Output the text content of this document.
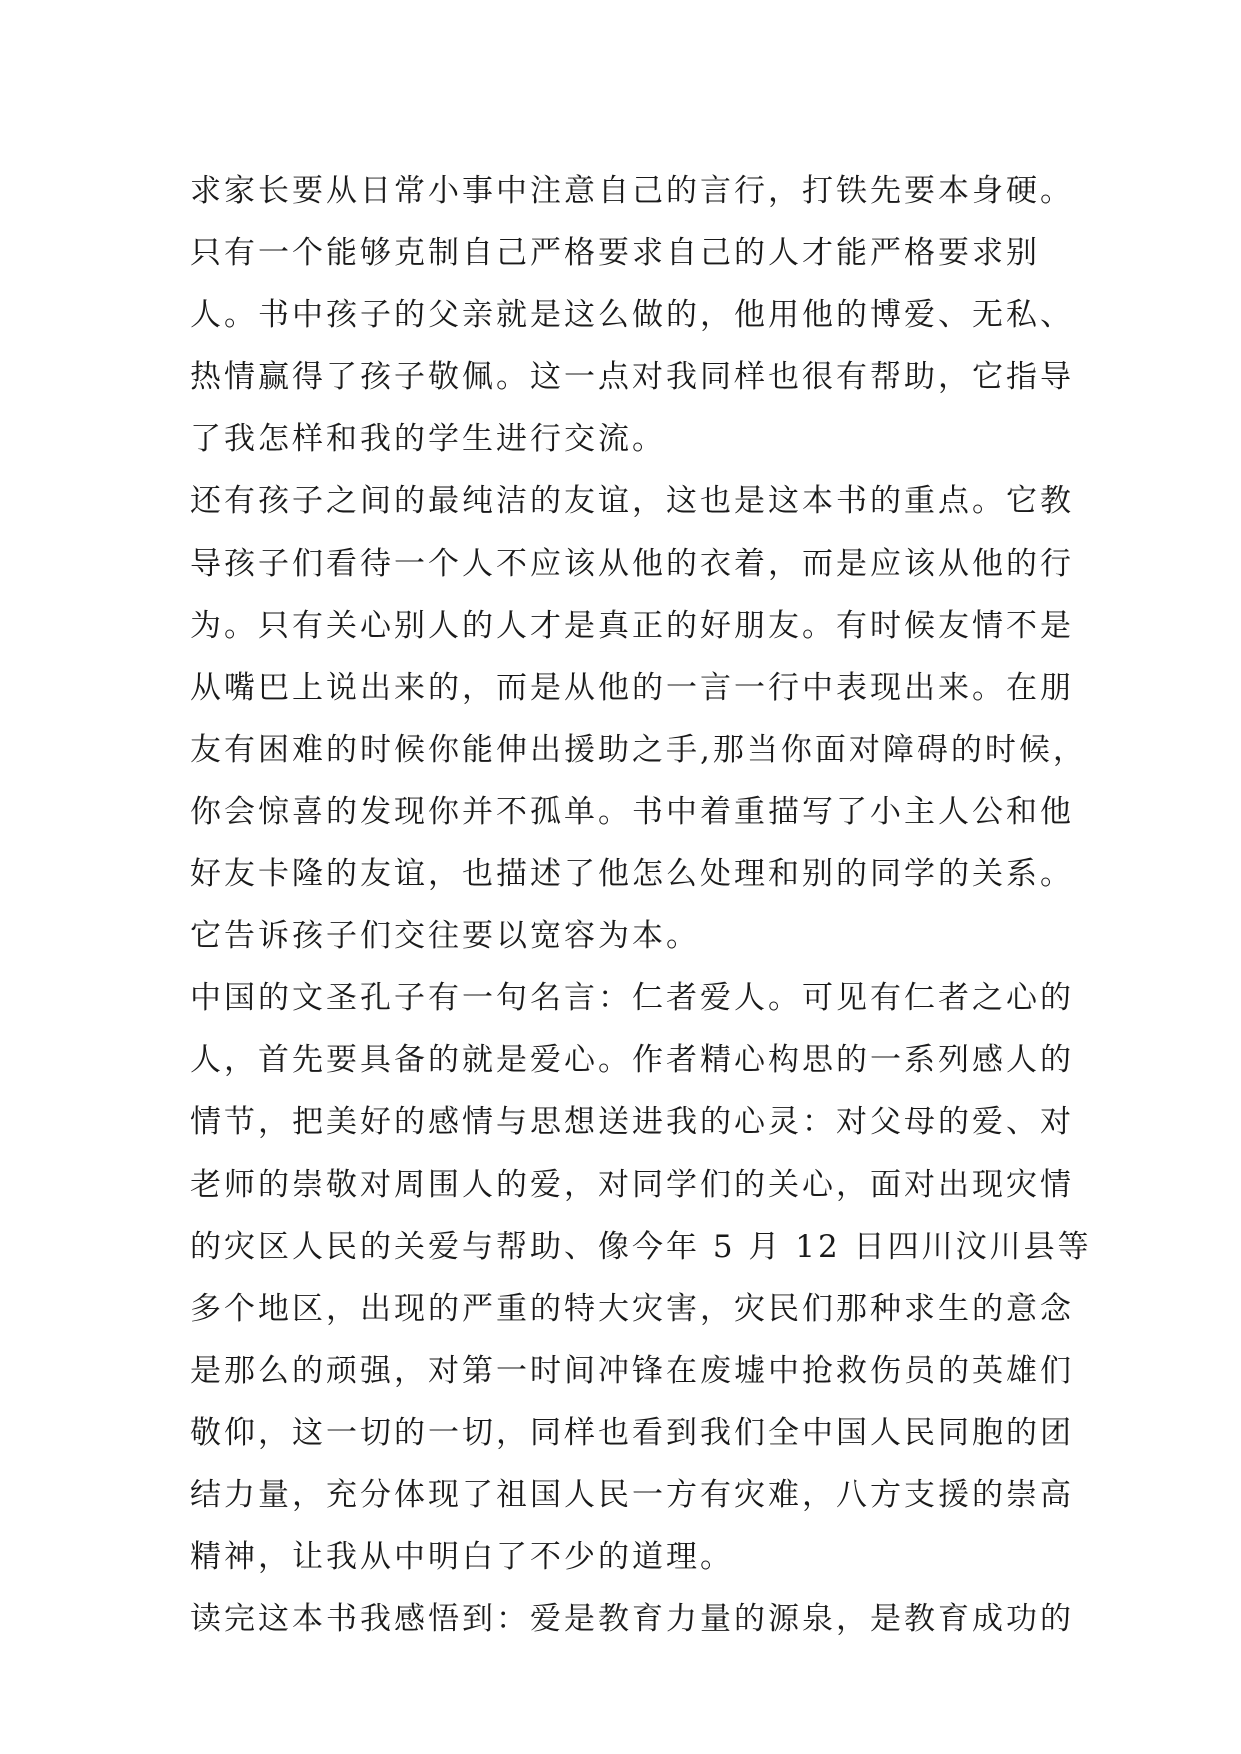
求家长要从日常小事中注意自己的言行，打铁先要本身硬。
只有一个能够克制自己严格要求自己的人才能严格要求别
人。书中孩子的父亲就是这么做的，他用他的博爱、无私、
热情赢得了孩子敬佩。这一点对我同样也很有帮助，它指导
了我怎样和我的学生进行交流。
还有孩子之间的最纯洁的友谊，这也是这本书的重点。它教
导孩子们看待一个人不应该从他的衣着，而是应该从他的行
为。只有关心别人的人才是真正的好朋友。有时候友情不是
从嘴巴上说出来的，而是从他的一言一行中表现出来。在朋
友有困难的时候你能伸出援助之手,那当你面对障碍的时候，
你会惊喜的发现你并不孤单。书中着重描写了小主人公和他
好友卡隆的友谊，也描述了他怎么处理和别的同学的关系。
它告诉孩子们交往要以宽容为本。
中国的文圣孔子有一句名言：仁者爱人。可见有仁者之心的
人，首先要具备的就是爱心。作者精心构思的一系列感人的
情节，把美好的感情与思想送进我的心灵：对父母的爱、对
老师的崇敬对周围人的爱，对同学们的关心，面对出现灾情
的灾区人民的关爱与帮助、像今年 5 月 12 日四川汶川县等
多个地区，出现的严重的特大灾害，灾民们那种求生的意念
是那么的顽强，对第一时间冲锋在废墟中抢救伤员的英雄们
敬仰，这一切的一切，同样也看到我们全中国人民同胞的团
结力量，充分体现了祖国人民一方有灾难，八方支援的崇高
精神，让我从中明白了不少的道理。
读完这本书我感悟到：爱是教育力量的源泉，是教育成功的
